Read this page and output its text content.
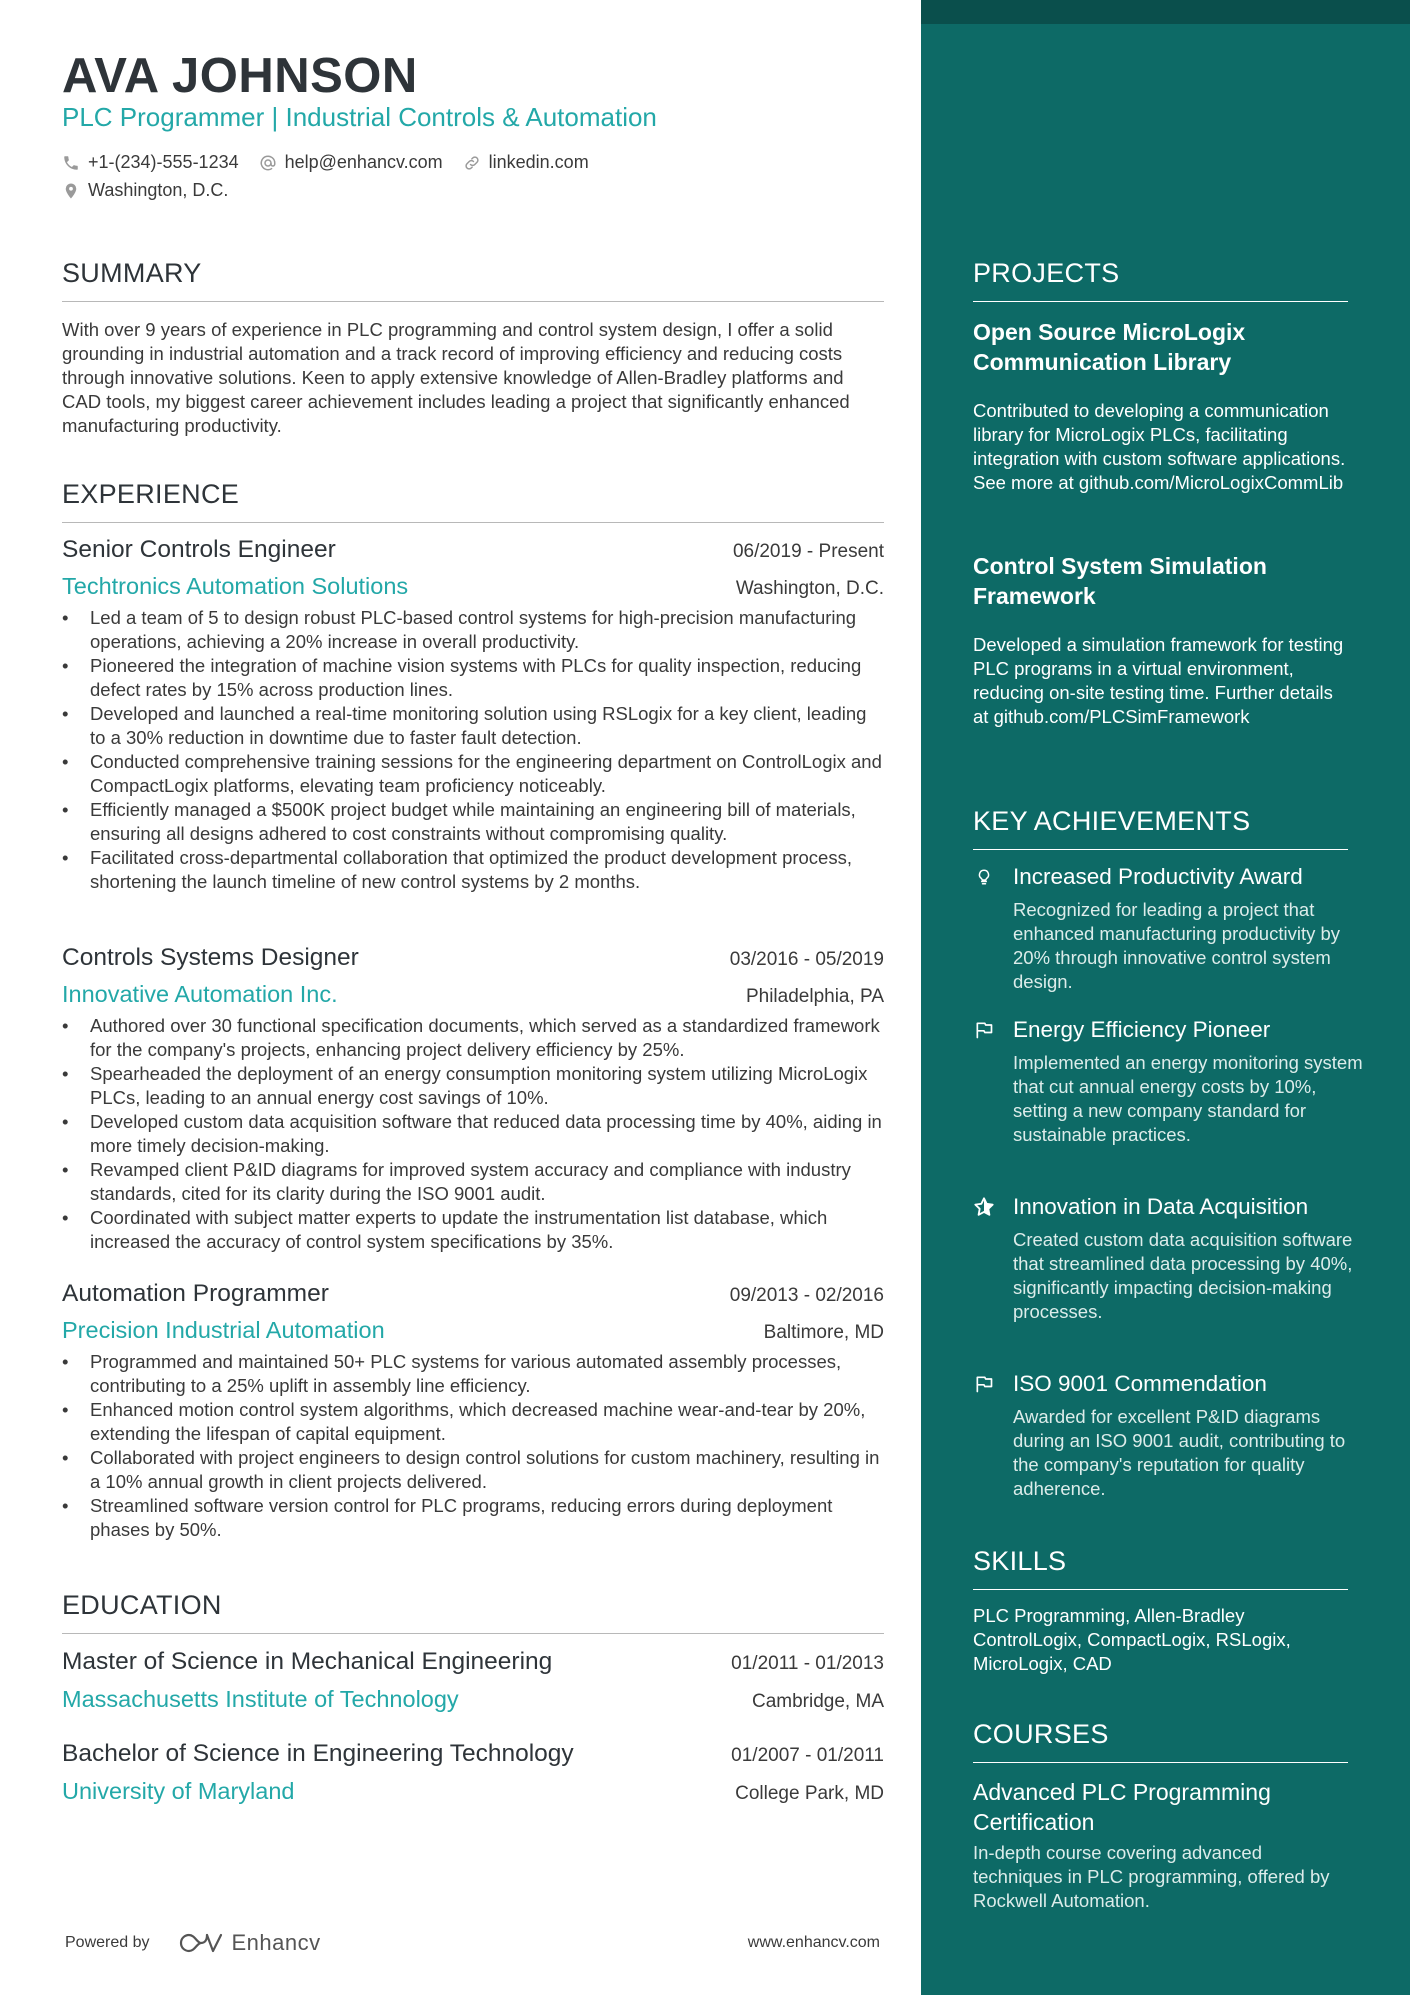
AVA JOHNSON
PLC Programmer | Industrial Controls & Automation
+1-(234)-555-1234	help@enhancv.com	linkedin.com
Washington, D.C.
SUMMARY
With over 9 years of experience in PLC programming and control system design, I offer a solid grounding in industrial automation and a track record of improving efficiency and reducing costs through innovative solutions. Keen to apply extensive knowledge of Allen-Bradley platforms and CAD tools, my biggest career achievement includes leading a project that significantly enhanced manufacturing productivity.
EXPERIENCE
Senior Controls Engineer	06/2019 - Present
Techtronics Automation Solutions	Washington, D.C.
• Led a team of 5 to design robust PLC-based control systems for high-precision manufacturing operations, achieving a 20% increase in overall productivity.
• Pioneered the integration of machine vision systems with PLCs for quality inspection, reducing defect rates by 15% across production lines.
• Developed and launched a real-time monitoring solution using RSLogix for a key client, leading to a 30% reduction in downtime due to faster fault detection.
• Conducted comprehensive training sessions for the engineering department on ControlLogix and CompactLogix platforms, elevating team proficiency noticeably.
• Efficiently managed a $500K project budget while maintaining an engineering bill of materials, ensuring all designs adhered to cost constraints without compromising quality.
• Facilitated cross-departmental collaboration that optimized the product development process, shortening the launch timeline of new control systems by 2 months.
Controls Systems Designer	03/2016 - 05/2019
Innovative Automation Inc.	Philadelphia, PA
• Authored over 30 functional specification documents, which served as a standardized framework for the company's projects, enhancing project delivery efficiency by 25%.
• Spearheaded the deployment of an energy consumption monitoring system utilizing MicroLogix PLCs, leading to an annual energy cost savings of 10%.
• Developed custom data acquisition software that reduced data processing time by 40%, aiding in more timely decision-making.
• Revamped client P&ID diagrams for improved system accuracy and compliance with industry standards, cited for its clarity during the ISO 9001 audit.
• Coordinated with subject matter experts to update the instrumentation list database, which increased the accuracy of control system specifications by 35%.
Automation Programmer	09/2013 - 02/2016
Precision Industrial Automation	Baltimore, MD
• Programmed and maintained 50+ PLC systems for various automated assembly processes, contributing to a 25% uplift in assembly line efficiency.
• Enhanced motion control system algorithms, which decreased machine wear-and-tear by 20%, extending the lifespan of capital equipment.
• Collaborated with project engineers to design control solutions for custom machinery, resulting in a 10% annual growth in client projects delivered.
• Streamlined software version control for PLC programs, reducing errors during deployment phases by 50%.
EDUCATION
Master of Science in Mechanical Engineering	01/2011 - 01/2013
Massachusetts Institute of Technology	Cambridge, MA
Bachelor of Science in Engineering Technology	01/2007 - 01/2011
University of Maryland	College Park, MD
Powered by	Enhancv	www.enhancv.com
PROJECTS
Open Source MicroLogix Communication Library
Contributed to developing a communication library for MicroLogix PLCs, facilitating integration with custom software applications. See more at github.com/MicroLogixCommLib
Control System Simulation Framework
Developed a simulation framework for testing PLC programs in a virtual environment, reducing on-site testing time. Further details at github.com/PLCSimFramework
KEY ACHIEVEMENTS
Increased Productivity Award
Recognized for leading a project that enhanced manufacturing productivity by 20% through innovative control system design.
Energy Efficiency Pioneer
Implemented an energy monitoring system that cut annual energy costs by 10%, setting a new company standard for sustainable practices.
Innovation in Data Acquisition
Created custom data acquisition software that streamlined data processing by 40%, significantly impacting decision-making processes.
ISO 9001 Commendation
Awarded for excellent P&ID diagrams during an ISO 9001 audit, contributing to the company's reputation for quality adherence.
SKILLS
PLC Programming, Allen-Bradley ControlLogix, CompactLogix, RSLogix, MicroLogix, CAD
COURSES
Advanced PLC Programming Certification
In-depth course covering advanced techniques in PLC programming, offered by Rockwell Automation.
